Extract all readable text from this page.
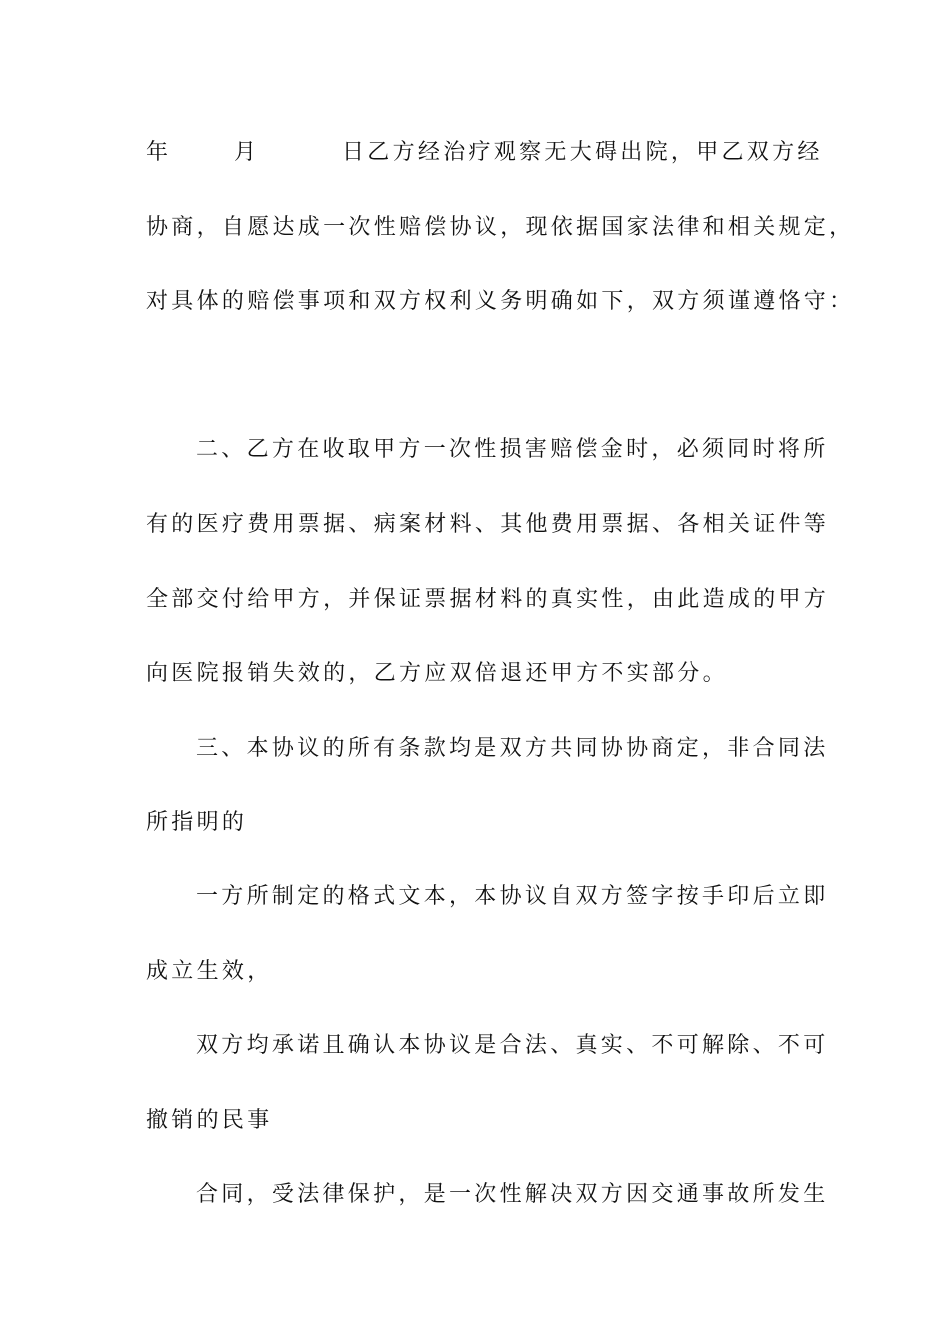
年	月	日乙方经治疗观察无大碍出院，甲乙双方经
协商，自愿达成一次性赔偿协议，现依据国家法律和相关规定，
对具体的赔偿事项和双方权利义务明确如下，双方须谨遵恪守：
二、乙方在收取甲方一次性损害赔偿金时，必须同时将所
有的医疗费用票据、病案材料、其他费用票据、各相关证件等
全部交付给甲方，并保证票据材料的真实性，由此造成的甲方
向医院报销失效的，乙方应双倍退还甲方不实部分。
三、本协议的所有条款均是双方共同协协商定，非合同法
所指明的
一方所制定的格式文本，本协议自双方签字按手印后立即
成立生效，
双方均承诺且确认本协议是合法、真实、不可解除、不可
撤销的民事
合同，受法律保护，是一次性解决双方因交通事故所发生
